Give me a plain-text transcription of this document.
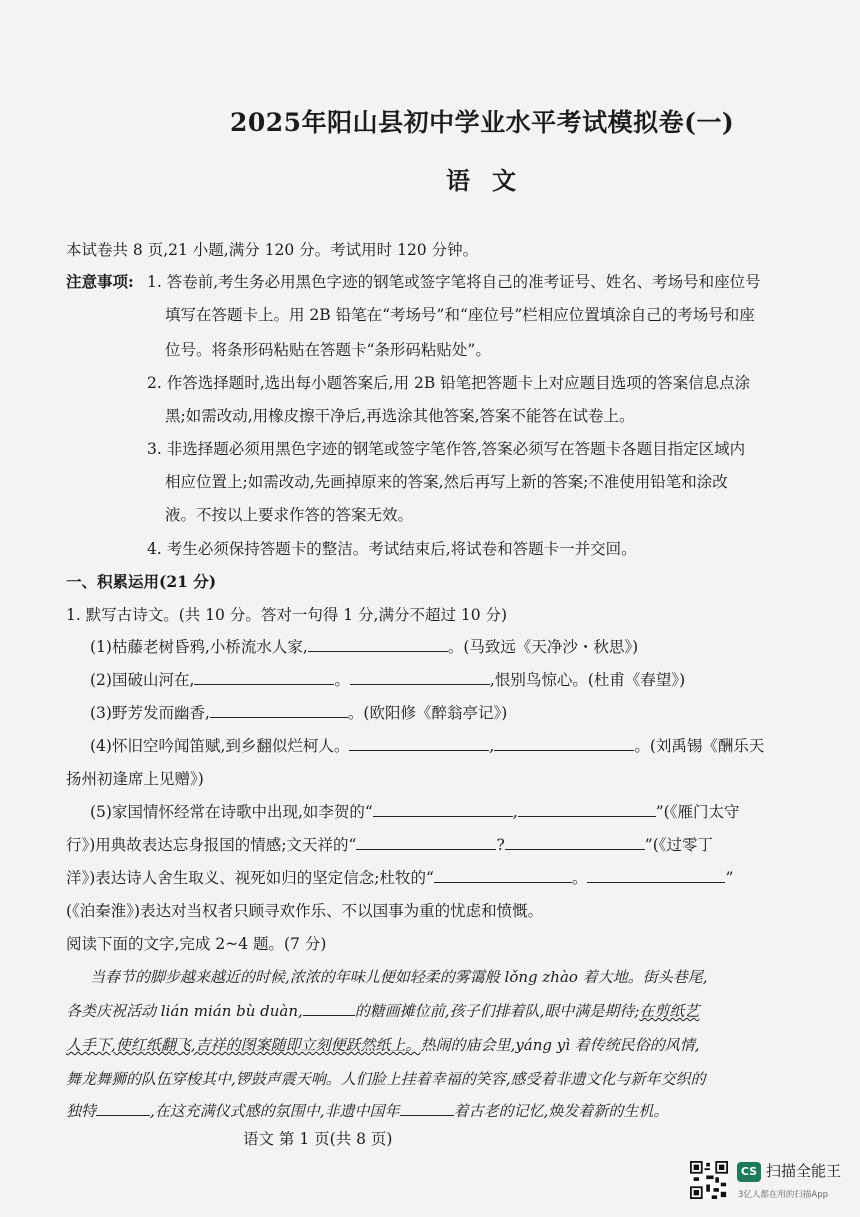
2025年阳山县初中学业水平考试模拟卷(一)
语文
本试卷共 8 页,21 小题,满分 120 分。考试用时 120 分钟。
注意事项: 1. 答卷前,考生务必用黑色字迹的钢笔或签字笔将自己的准考证号、姓名、考场号和座位号
填写在答题卡上。用 2B 铅笔在“考场号”和“座位号”栏相应位置填涂自己的考场号和座
位号。将条形码粘贴在答题卡“条形码粘贴处”。
2. 作答选择题时,选出每小题答案后,用 2B 铅笔把答题卡上对应题目选项的答案信息点涂
黑;如需改动,用橡皮擦干净后,再选涂其他答案,答案不能答在试卷上。
3. 非选择题必须用黑色字迹的钢笔或签字笔作答,答案必须写在答题卡各题目指定区域内
相应位置上;如需改动,先画掉原来的答案,然后再写上新的答案;不准使用铅笔和涂改
液。不按以上要求作答的答案无效。
4. 考生必须保持答题卡的整洁。考试结束后,将试卷和答题卡一并交回。
一、积累运用(21 分)
1. 默写古诗文。(共 10 分。答对一句得 1 分,满分不超过 10 分)
(1)枯藤老树昏鸦,小桥流水人家,	。(马致远《天净沙・秋思》)
(2)国破山河在,	。	,恨别鸟惊心。(杜甫《春望》)
(3)野芳发而幽香,	。(欧阳修《醉翁亭记》)
(4)怀旧空吟闻笛赋,到乡翻似烂柯人。	,	。(刘禹锡《酬乐天
扬州初逢席上见赠》)
(5)家国情怀经常在诗歌中出现,如李贺的“	,	”(《雁门太守
行》)用典故表达忘身报国的情感;文天祥的“	?	”(《过零丁
洋》)表达诗人舍生取义、视死如归的坚定信念;杜牧的“	。	”
(《泊秦淮》)表达对当权者只顾寻欢作乐、不以国事为重的忧虑和愤慨。
阅读下面的文字,完成 2~4 题。(7 分)
当春节的脚步越来越近的时候,浓浓的年味儿便如轻柔的雾霭般 lǒng zhào 着大地。街头巷尾,
各类庆祝活动 lián mián bù duàn,	的糖画摊位前,孩子们排着队,眼中满是期待;在剪纸艺
人手下,使红纸翻飞,吉祥的图案随即立刻便跃然纸上。热闹的庙会里,yáng yì 着传统民俗的风情,
舞龙舞狮的队伍穿梭其中,锣鼓声震天响。人们脸上挂着幸福的笑容,感受着非遗文化与新年交织的
独特	,在这充满仪式感的氛围中,非遗中国年	着古老的记忆,焕发着新的生机。
语文 第 1 页(共 8 页)
CS 扫描全能王
3亿人都在用的扫描App
